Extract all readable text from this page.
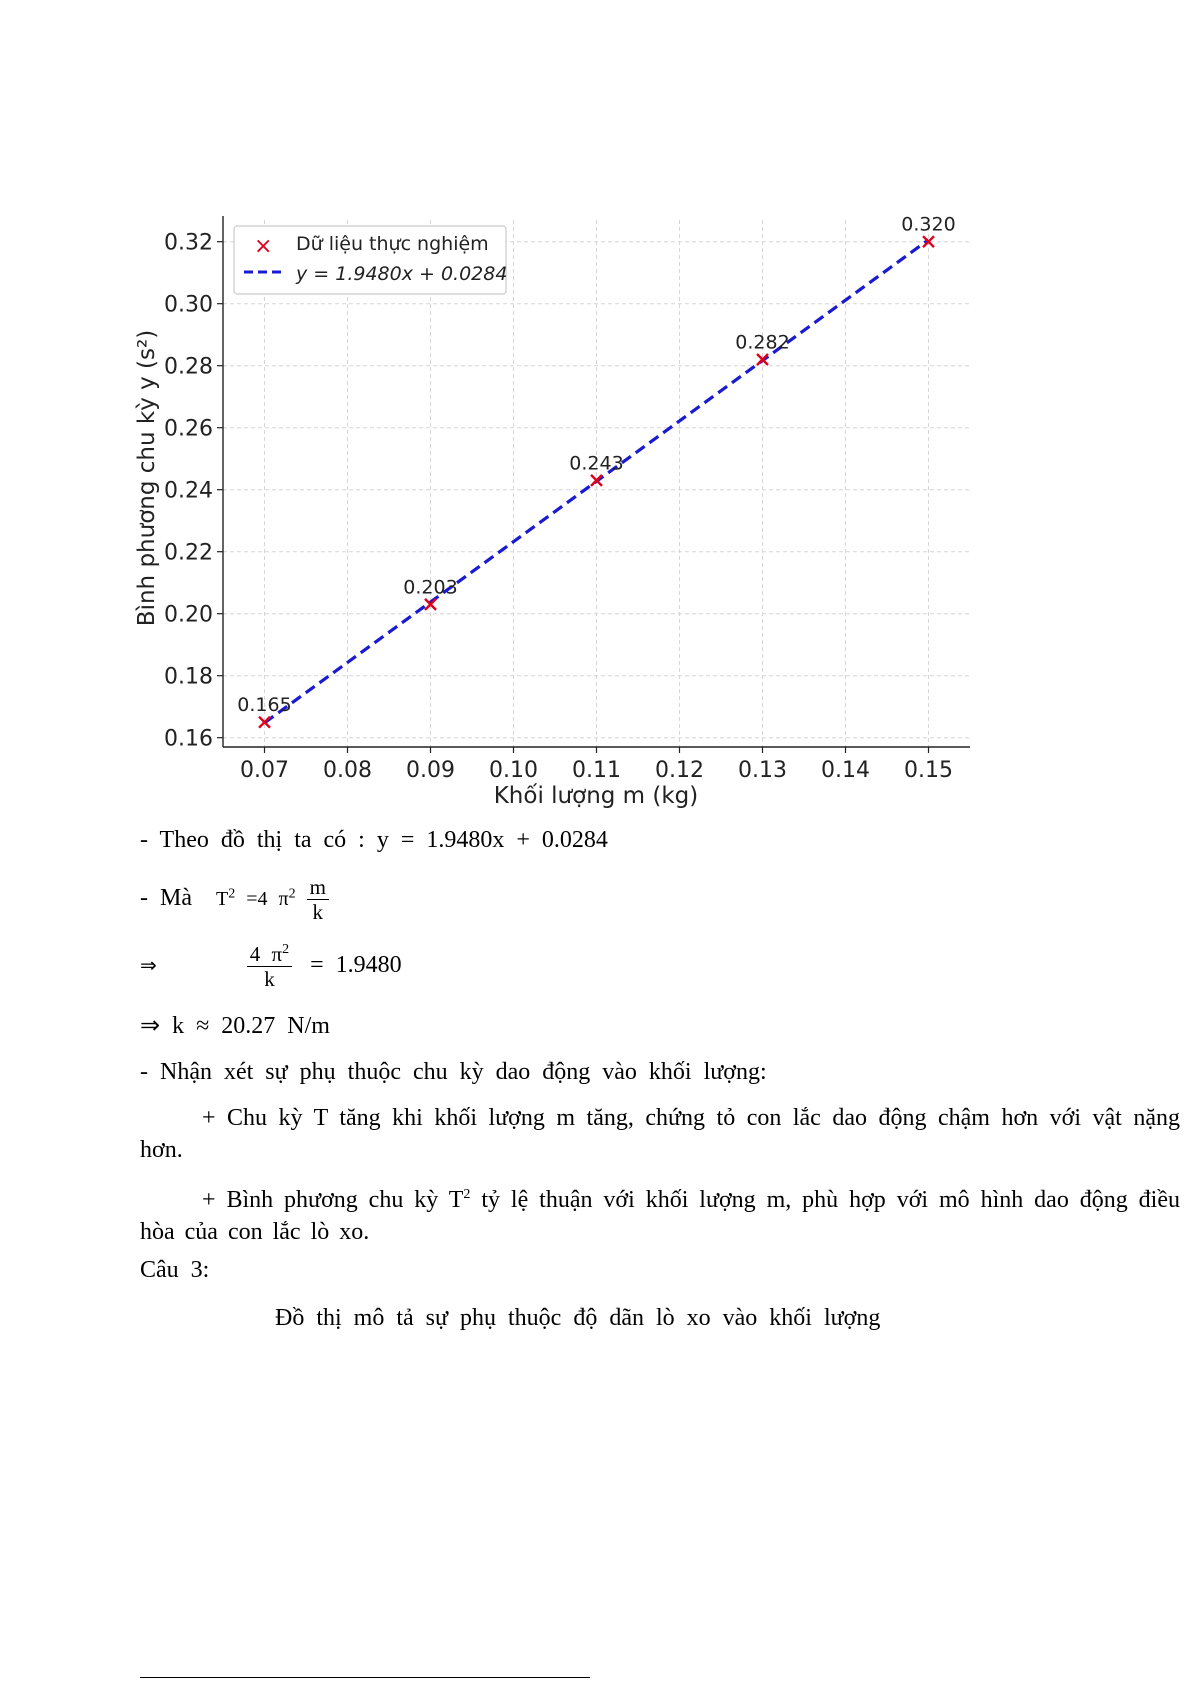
0.07 0.08 0.09 0.10 0.11 0.12 0.13 0.14 0.15
0.16
0.18
0.20
0.22
0.24
0.26
0.28
0.30
0.32
0.165
0.203
0.243
0.282
0.320
Khối lượng m (kg)
Bình phương chu kỳ y (s²)
× Dữ liệu thực nghiệm
y = 1.9480x + 0.0284
- Theo đồ thị ta có : y = 1.9480x + 0.0284
- Mà $T^2 =4$ $\pi^2 \frac{m}{k}$
⇒	$\frac{4 \pi^2}{k} = 1.9480$
⇒ k ≈ 20.27 N/m
- Nhận xét sự phụ thuộc chu kỳ dao động vào khối lượng:
+ Chu kỳ T tăng khi khối lượng m tăng, chứng tỏ con lắc dao động chậm hơn với vật nặng hơn.
+ Bình phương chu kỳ $T^2$ tỷ lệ thuận với khối lượng m, phù hợp với mô hình dao động điều hòa của con lắc lò xo.
Câu 3:
Đồ thị mô tả sự phụ thuộc độ dãn lò xo vào khối lượng
